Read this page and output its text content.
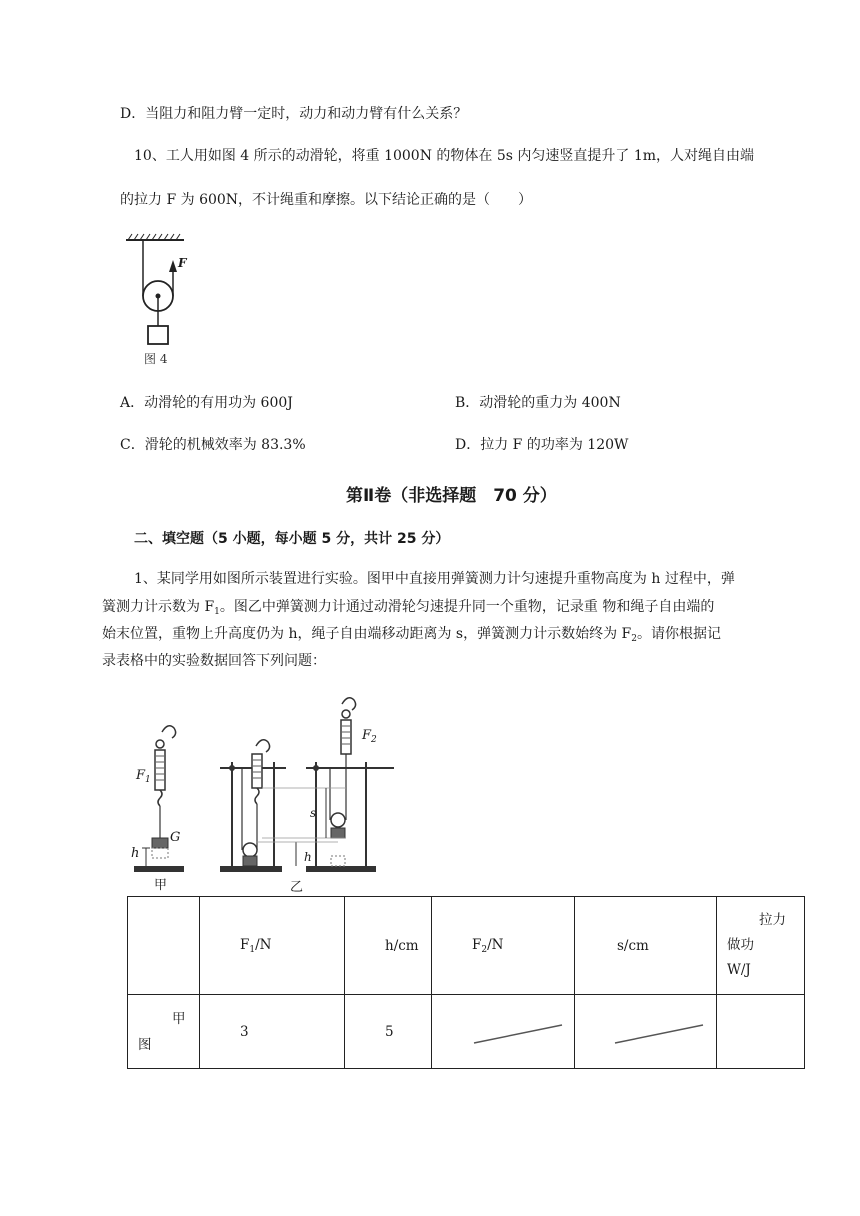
D．当阻力和阻力臂一定时，动力和动力臂有什么关系？
10、工人用如图 4 所示的动滑轮，将重 1000N 的物体在 5s 内匀速竖直提升了 1m，人对绳自由端
的拉力 F 为 600N，不计绳重和摩擦。以下结论正确的是（　　）
F
图 4
A．动滑轮的有用功为 600J	B．动滑轮的重力为 400N
C．滑轮的机械效率为 83.3%	D．拉力 F 的功率为 120W
第Ⅱ卷（非选择题　70 分）
二、填空题（5 小题，每小题 5 分，共计 25 分）
1、某同学用如图所示装置进行实验。图甲中直接用弹簧测力计匀速提升重物高度为 h 过程中，弹
簧测力计示数为 $F_1$。图乙中弹簧测力计通过动滑轮匀速提升同一个重物，记录重 物和绳子自由端的
始末位置，重物上升高度仍为 h，绳子自由端移动距离为 s，弹簧测力计示数始终为 $F_2$。请你根据记
录表格中的实验数据回答下列问题：
$F_1$
G
h
甲
$F_2$
s
h
乙
	$F_1/N$	h/cm	$F_2/N$	s/cm	拉力
做功
W/J

甲
图	3	5	
